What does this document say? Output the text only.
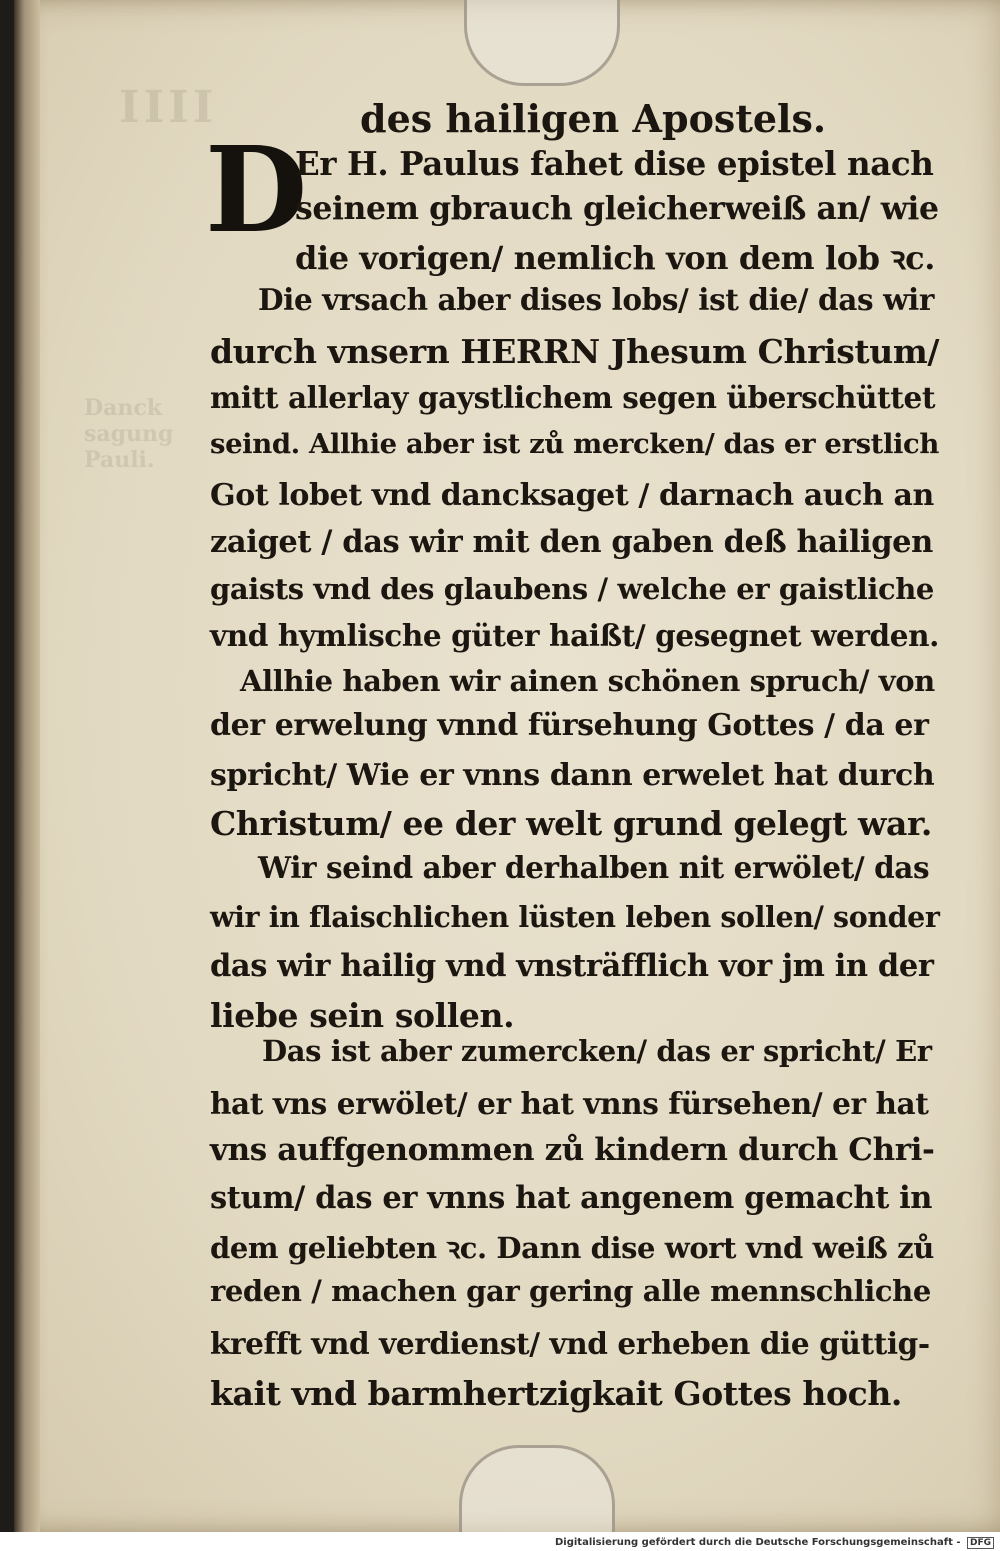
IIII
Danck
sagung
Pauli.
D
des hailigen Apostels.
Er H. Paulus fahet dise epistel nach
seinem gbrauch gleicherweiß an/ wie
die vorigen/ nemlich von dem lob ꝛc.
Die vrsach aber dises lobs/ ist die/ das wir
durch vnsern HERRN Jhesum Christum/
mitt allerlay gaystlichem segen überschüttet
seind. Allhie aber ist zů mercken/ das er erstlich
Got lobet vnd dancksaget / darnach auch an
zaiget / das wir mit den gaben deß hailigen
gaists vnd des glaubens / welche er gaistliche
vnd hymlische güter haißt/ gesegnet werden.
Allhie haben wir ainen schönen spruch/ von
der erwelung vnnd fürsehung Gottes / da er
spricht/ Wie er vnns dann erwelet hat durch
Christum/ ee der welt grund gelegt war.
Wir seind aber derhalben nit erwölet/ das
wir in flaischlichen lüsten leben sollen/ sonder
das wir hailig vnd vnsträfflich vor jm in der
liebe sein sollen.
Das ist aber zumercken/ das er spricht/ Er
hat vns erwölet/ er hat vnns fürsehen/ er hat
vns auffgenommen zů kindern durch Chri-
stum/ das er vnns hat angenem gemacht in
dem geliebten ꝛc. Dann dise wort vnd weiß zů
reden / machen gar gering alle mennschliche
krefft vnd verdienst/ vnd erheben die güttig-
kait vnd barmhertzigkait Gottes hoch.
Digitalisierung gefördert durch die Deutsche Forschungsgemeinschaft - DFG
